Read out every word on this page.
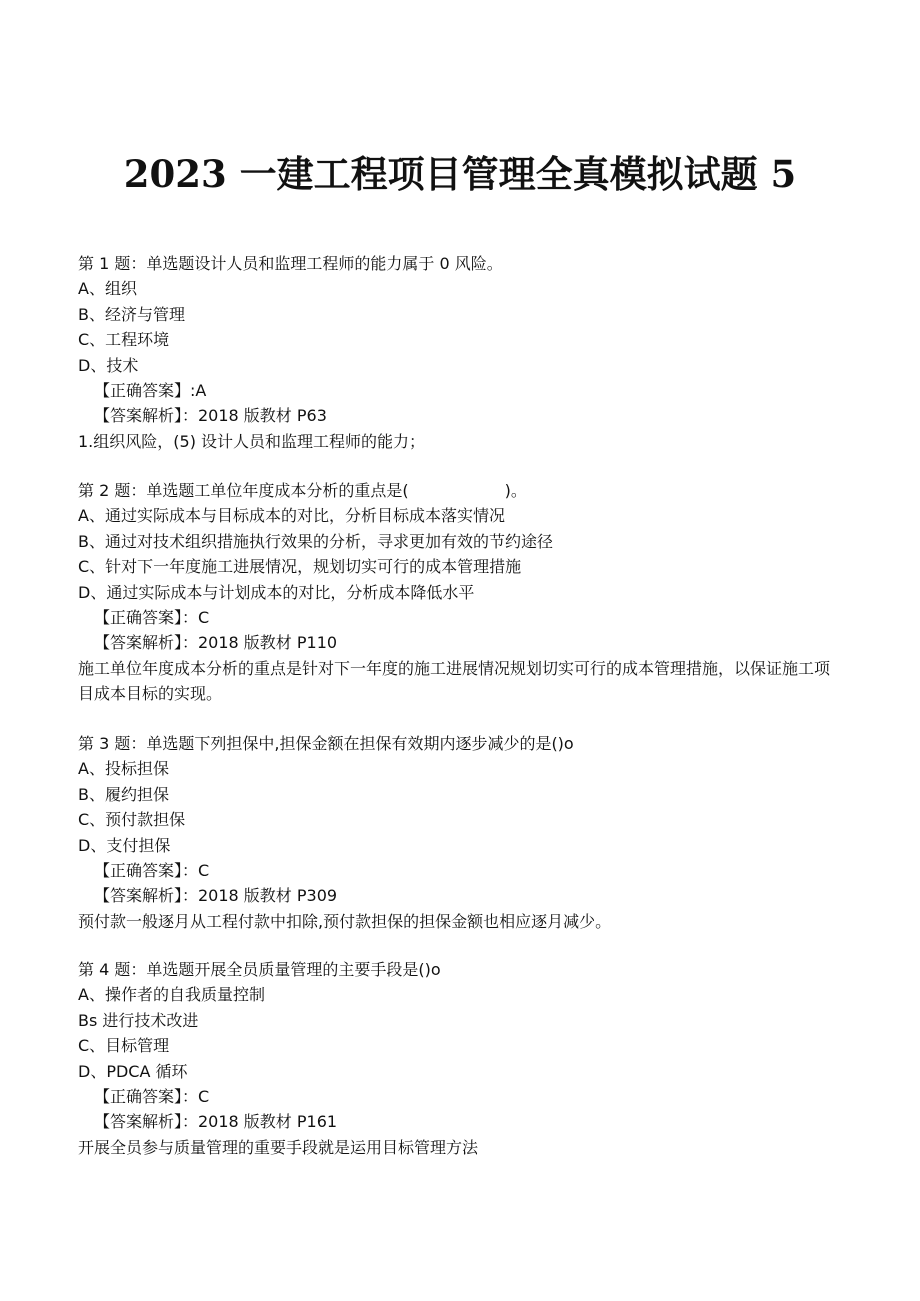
2023 一建工程项目管理全真模拟试题 5
第 1 题：单选题设计人员和监理工程师的能力属于 0 风险。
A、组织
B、经济与管理
C、工程环境
D、技术
【正确答案】:A
【答案解析】：2018 版教材 P63
1.组织风险，(5) 设计人员和监理工程师的能力；
第 2 题：单选题工单位年度成本分析的重点是(　　　　　　)。
A、通过实际成本与目标成本的对比，分析目标成本落实情况
B、通过对技术组织措施执行效果的分析，寻求更加有效的节约途径
C、针对下一年度施工进展情况，规划切实可行的成本管理措施
D、通过实际成本与计划成本的对比，分析成本降低水平
【正确答案】：C
【答案解析】：2018 版教材 P110
施工单位年度成本分析的重点是针对下一年度的施工进展情况规划切实可行的成本管理措施，以保证施工项目成本目标的实现。
第 3 题：单选题下列担保中,担保金额在担保有效期内逐步减少的是()o
A、投标担保
B、履约担保
C、预付款担保
D、支付担保
【正确答案】：C
【答案解析】：2018 版教材 P309
预付款一般逐月从工程付款中扣除,预付款担保的担保金额也相应逐月减少。
第 4 题：单选题开展全员质量管理的主要手段是()o
A、操作者的自我质量控制
Bs 进行技术改进
C、目标管理
D、PDCA 循环
【正确答案】：C
【答案解析】：2018 版教材 P161
开展全员参与质量管理的重要手段就是运用目标管理方法
